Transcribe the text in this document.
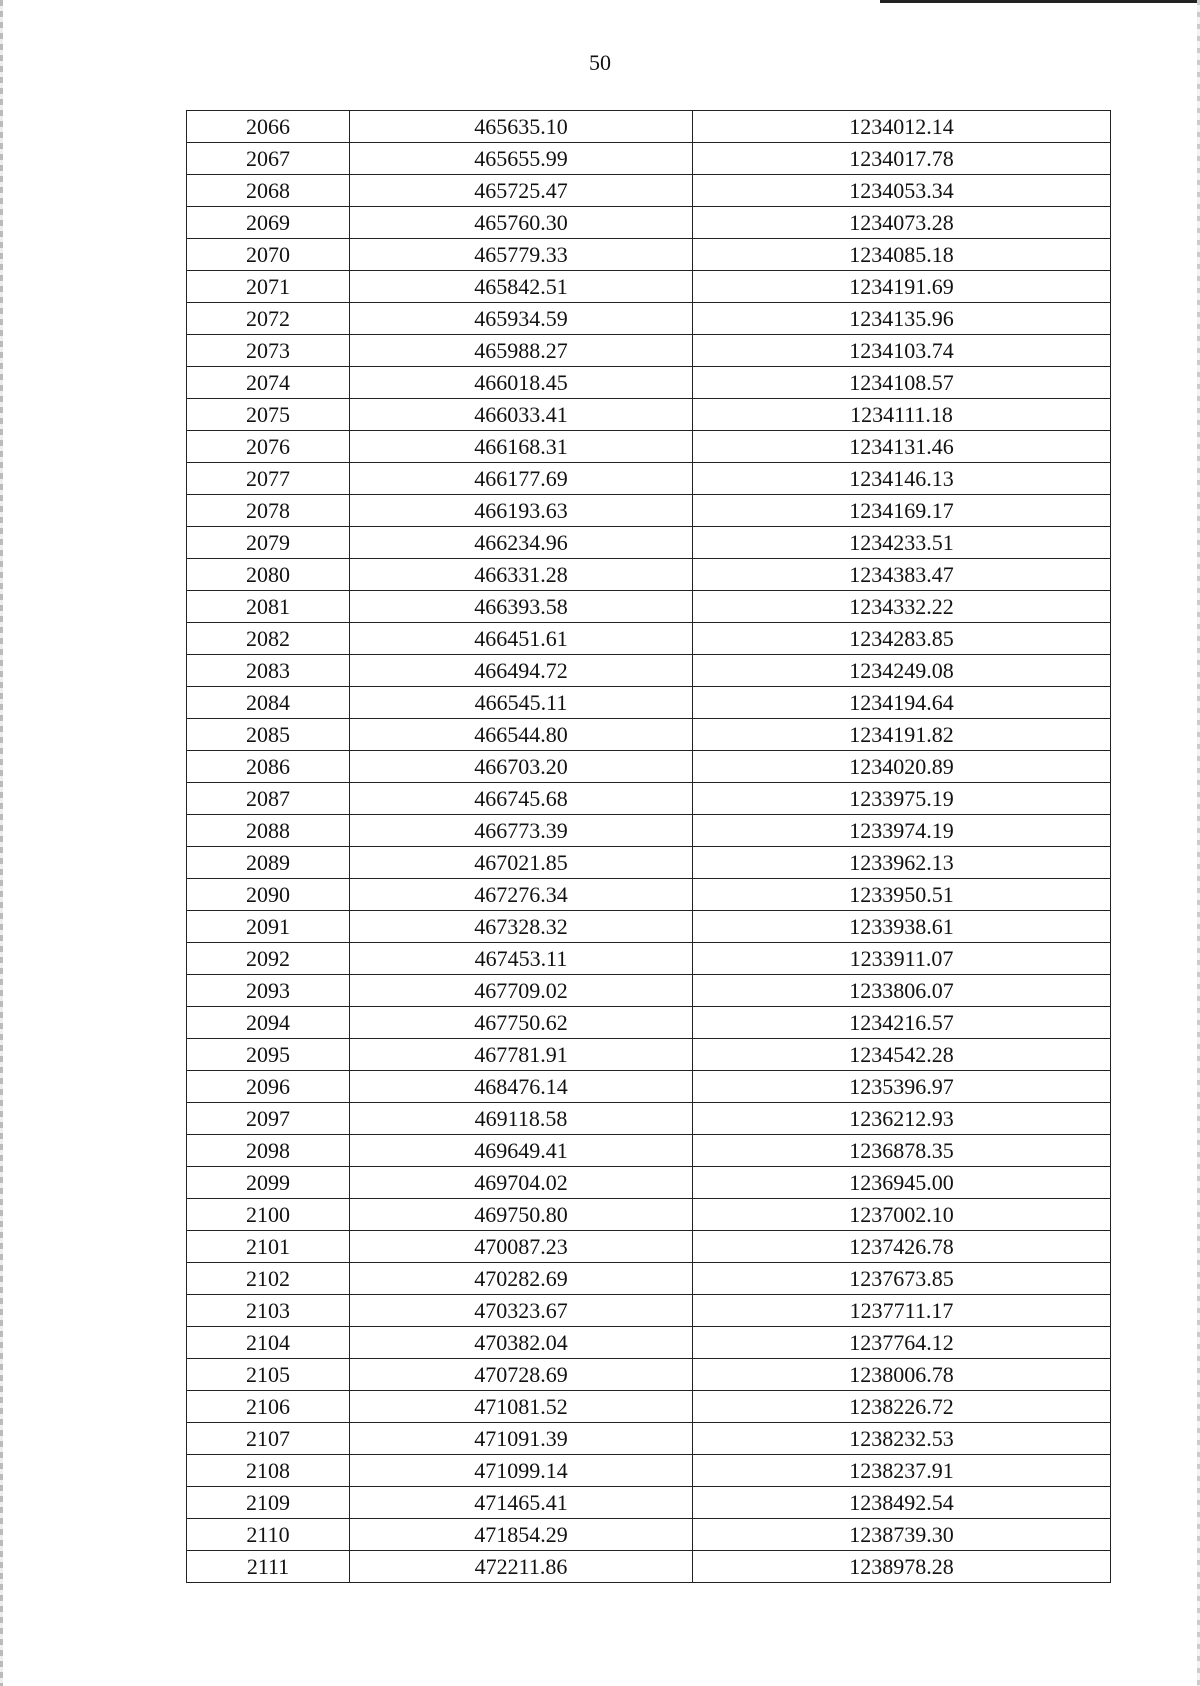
50
2066	465635.10	1234012.14
2067	465655.99	1234017.78
2068	465725.47	1234053.34
2069	465760.30	1234073.28
2070	465779.33	1234085.18
2071	465842.51	1234191.69
2072	465934.59	1234135.96
2073	465988.27	1234103.74
2074	466018.45	1234108.57
2075	466033.41	1234111.18
2076	466168.31	1234131.46
2077	466177.69	1234146.13
2078	466193.63	1234169.17
2079	466234.96	1234233.51
2080	466331.28	1234383.47
2081	466393.58	1234332.22
2082	466451.61	1234283.85
2083	466494.72	1234249.08
2084	466545.11	1234194.64
2085	466544.80	1234191.82
2086	466703.20	1234020.89
2087	466745.68	1233975.19
2088	466773.39	1233974.19
2089	467021.85	1233962.13
2090	467276.34	1233950.51
2091	467328.32	1233938.61
2092	467453.11	1233911.07
2093	467709.02	1233806.07
2094	467750.62	1234216.57
2095	467781.91	1234542.28
2096	468476.14	1235396.97
2097	469118.58	1236212.93
2098	469649.41	1236878.35
2099	469704.02	1236945.00
2100	469750.80	1237002.10
2101	470087.23	1237426.78
2102	470282.69	1237673.85
2103	470323.67	1237711.17
2104	470382.04	1237764.12
2105	470728.69	1238006.78
2106	471081.52	1238226.72
2107	471091.39	1238232.53
2108	471099.14	1238237.91
2109	471465.41	1238492.54
2110	471854.29	1238739.30
2111	472211.86	1238978.28
